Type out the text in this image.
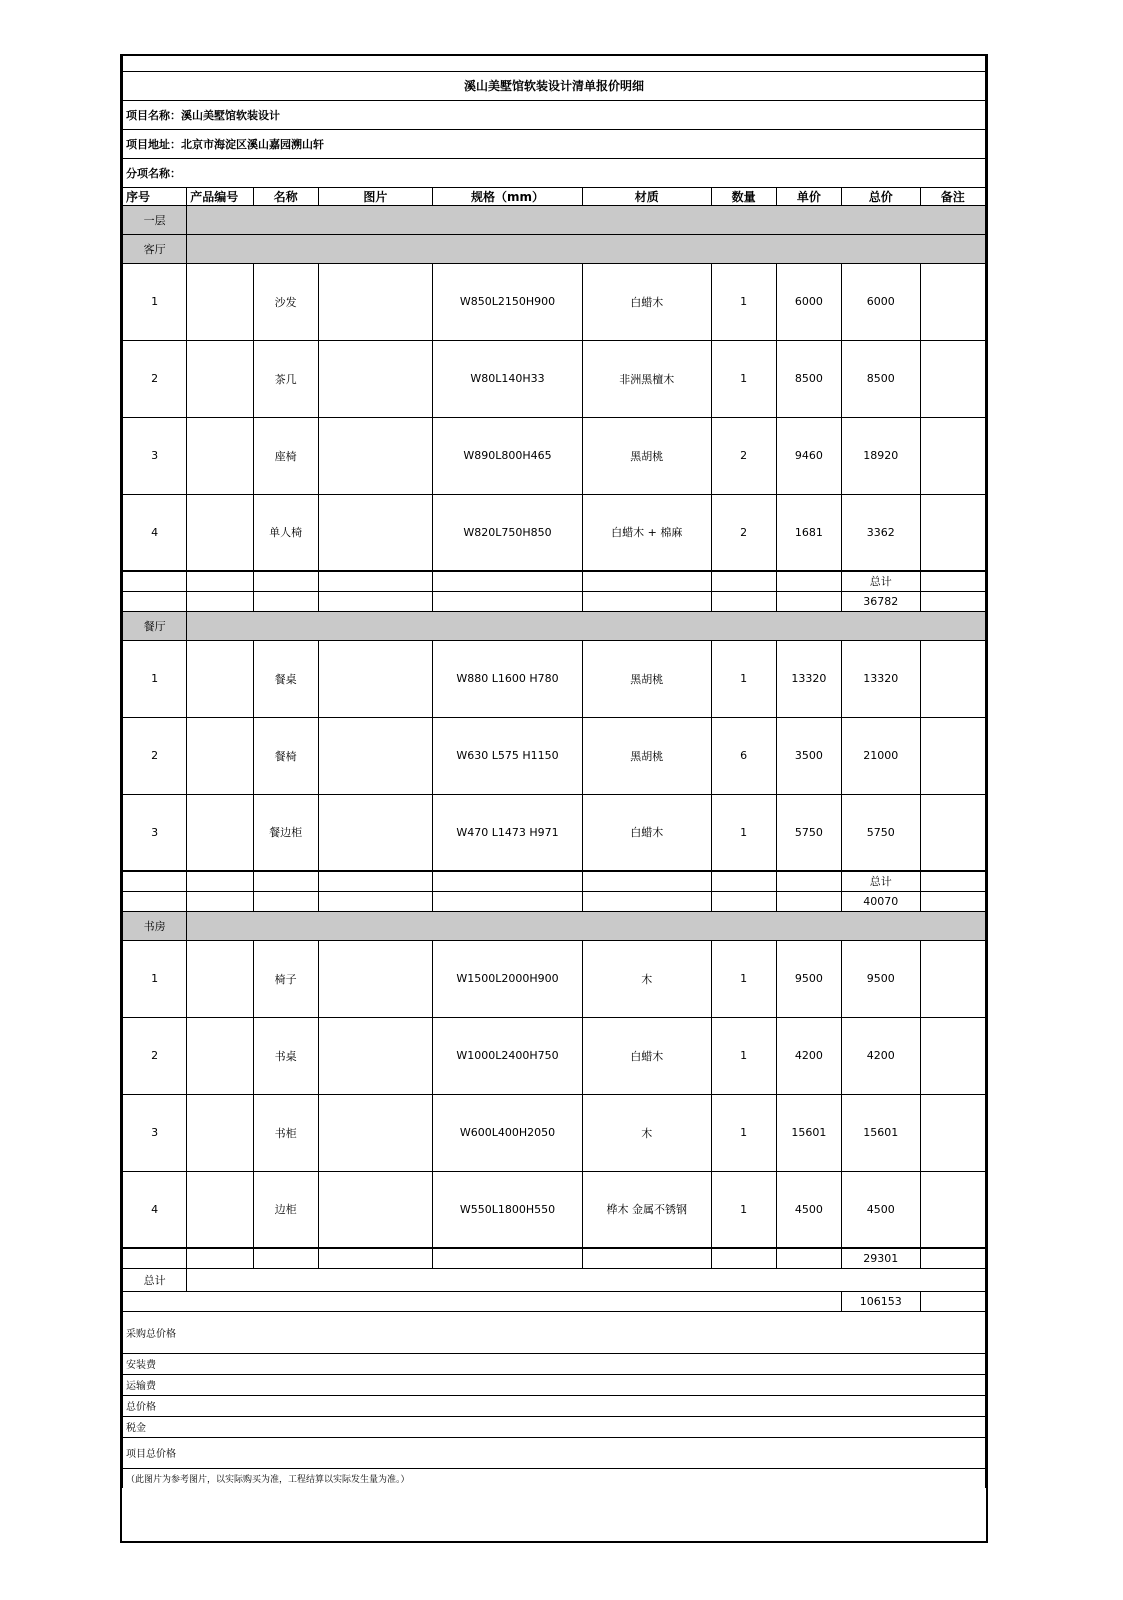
溪山美墅馆软装设计清单报价明细									
项目名称：溪山美墅馆软装设计									
项目地址：北京市海淀区溪山嘉园溯山轩									
分项名称：									
序号	产品编号	名称	图片	规格（mm）	材质	数量	单价	总价	备注
一层									
客厅									
1		沙发		W850L2150H900	白蜡木	1	6000	6000	
2		茶几		W80L140H33	非洲黑檀木	1	8500	8500	
3		座椅		W890L800H465	黑胡桃	2	9460	18920	
4		单人椅		W820L750H850	白蜡木 + 棉麻	2	1681	3362	
								总计	
								36782	
餐厅									
1		餐桌		W880 L1600 H780	黑胡桃	1	13320	13320	
2		餐椅		W630 L575 H1150	黑胡桃	6	3500	21000	
3		餐边柜		W470 L1473 H971	白蜡木	1	5750	5750	
								总计	
								40070	
书房									
1		椅子		W1500L2000H900	木	1	9500	9500	
2		书桌		W1000L2400H750	白蜡木	1	4200	4200	
3		书柜		W600L400H2050	木	1	15601	15601	
4		边柜		W550L1800H550	桦木 金属不锈钢	1	4500	4500	
								29301	
总计									
								106153	
采购总价格									
安装费									
运输费									
总价格									
税金									
项目总价格									
（此图片为参考图片，以实际购买为准，工程结算以实际发生量为准。）									
